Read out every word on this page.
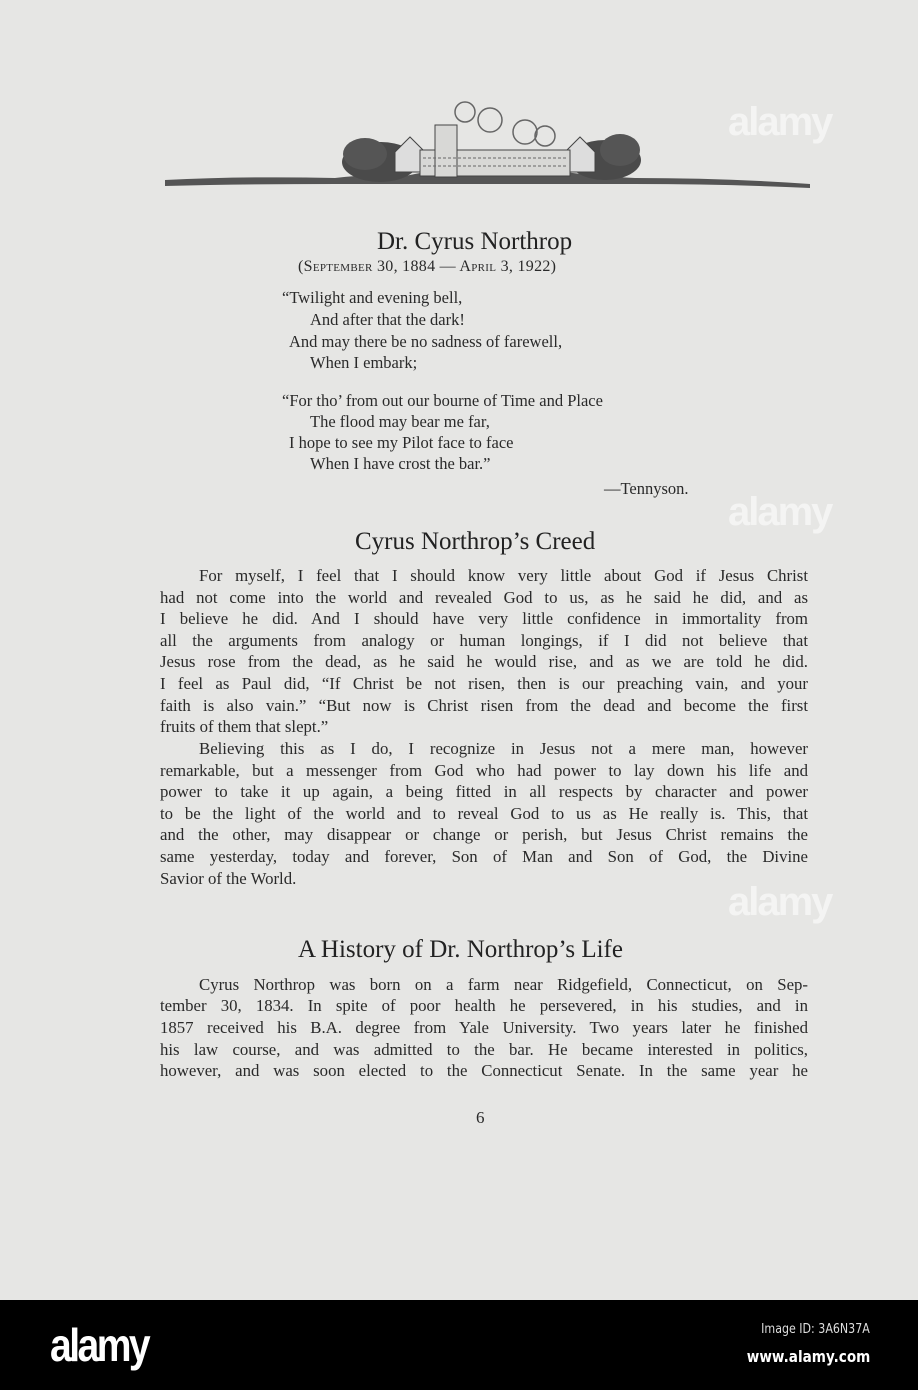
Dr. Cyrus Northrop
(September 30, 1884 — April 3, 1922)
“Twilight and evening bell,
And after that the dark!
And may there be no sadness of farewell,
When I embark;
“For tho’ from out our bourne of Time and Place
The flood may bear me far,
I hope to see my Pilot face to face
When I have crost the bar.”
—Tennyson.
Cyrus Northrop’s Creed
For myself, I feel that I should know very little about God if Jesus Christ
had not come into the world and revealed God to us, as he said he did, and as
I believe he did. And I should have very little confidence in immortality from
all the arguments from analogy or human longings, if I did not believe that
Jesus rose from the dead, as he said he would rise, and as we are told he did.
I feel as Paul did, “If Christ be not risen, then is our preaching vain, and your
faith is also vain.” “But now is Christ risen from the dead and become the first
fruits of them that slept.”
Believing this as I do, I recognize in Jesus not a mere man, however
remarkable, but a messenger from God who had power to lay down his life and
power to take it up again, a being fitted in all respects by character and power
to be the light of the world and to reveal God to us as He really is. This, that
and the other, may disappear or change or perish, but Jesus Christ remains the
same yesterday, today and forever, Son of Man and Son of God, the Divine
Savior of the World.
A History of Dr. Northrop’s Life
Cyrus Northrop was born on a farm near Ridgefield, Connecticut, on Sep-
tember 30, 1834. In spite of poor health he persevered, in his studies, and in
1857 received his B.A. degree from Yale University. Two years later he finished
his law course, and was admitted to the bar. He became interested in politics,
however, and was soon elected to the Connecticut Senate. In the same year he
6
alamy
alamy
alamy
alamy	Image ID: 3A6N37A
www.alamy.com
